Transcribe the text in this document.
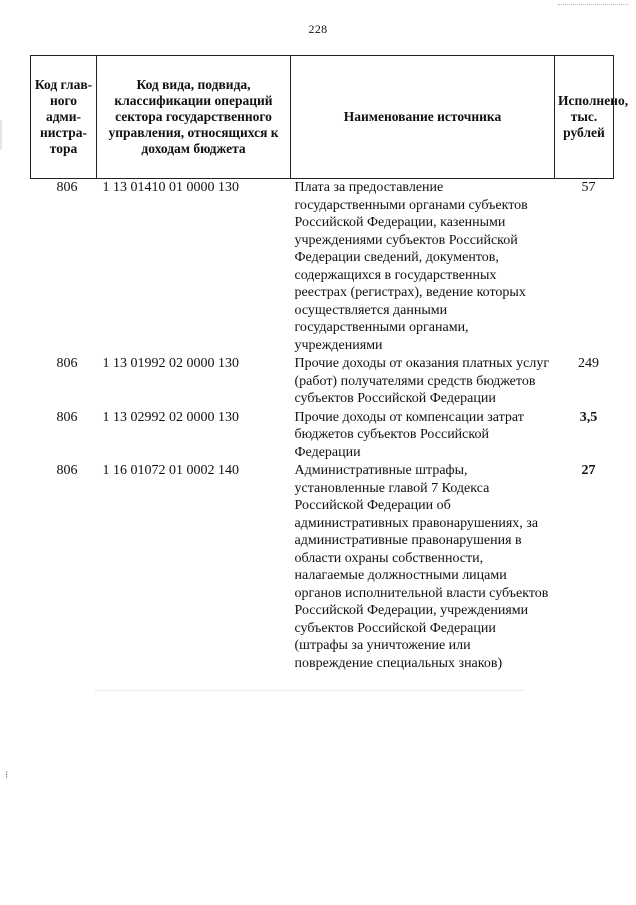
228
Код глав-ного адми-нистра-тора	Код вида, подвида, классификации операций сектора государственного управления, относящихся к доходам бюджета	Наименование источника	Исполнено, тыс. рублей
806	1 13 01410 01 0000 130	Плата за предоставление государственными органами субъектов Российской Федерации, казенными учреждениями субъектов Российской Федерации сведений, документов, содержащихся в государственных реестрах (регистрах), ведение которых осуществляется данными государственными органами, учреждениями	57
806	1 13 01992 02 0000 130	Прочие доходы от оказания платных услуг (работ) получателями средств бюджетов субъектов Российской Федерации	249
806	1 13 02992 02 0000 130	Прочие доходы от компенсации затрат бюджетов субъектов Российской Федерации	3,5
806	1 16 01072 01 0002 140	Административные штрафы, установленные главой 7 Кодекса Российской Федерации об административных правонарушениях, за административные правонарушения в области охраны собственности, налагаемые должностными лицами органов исполнительной власти субъектов Российской Федерации, учреждениями субъектов Российской Федерации (штрафы за уничтожение или повреждение специальных знаков)	27
⁝
